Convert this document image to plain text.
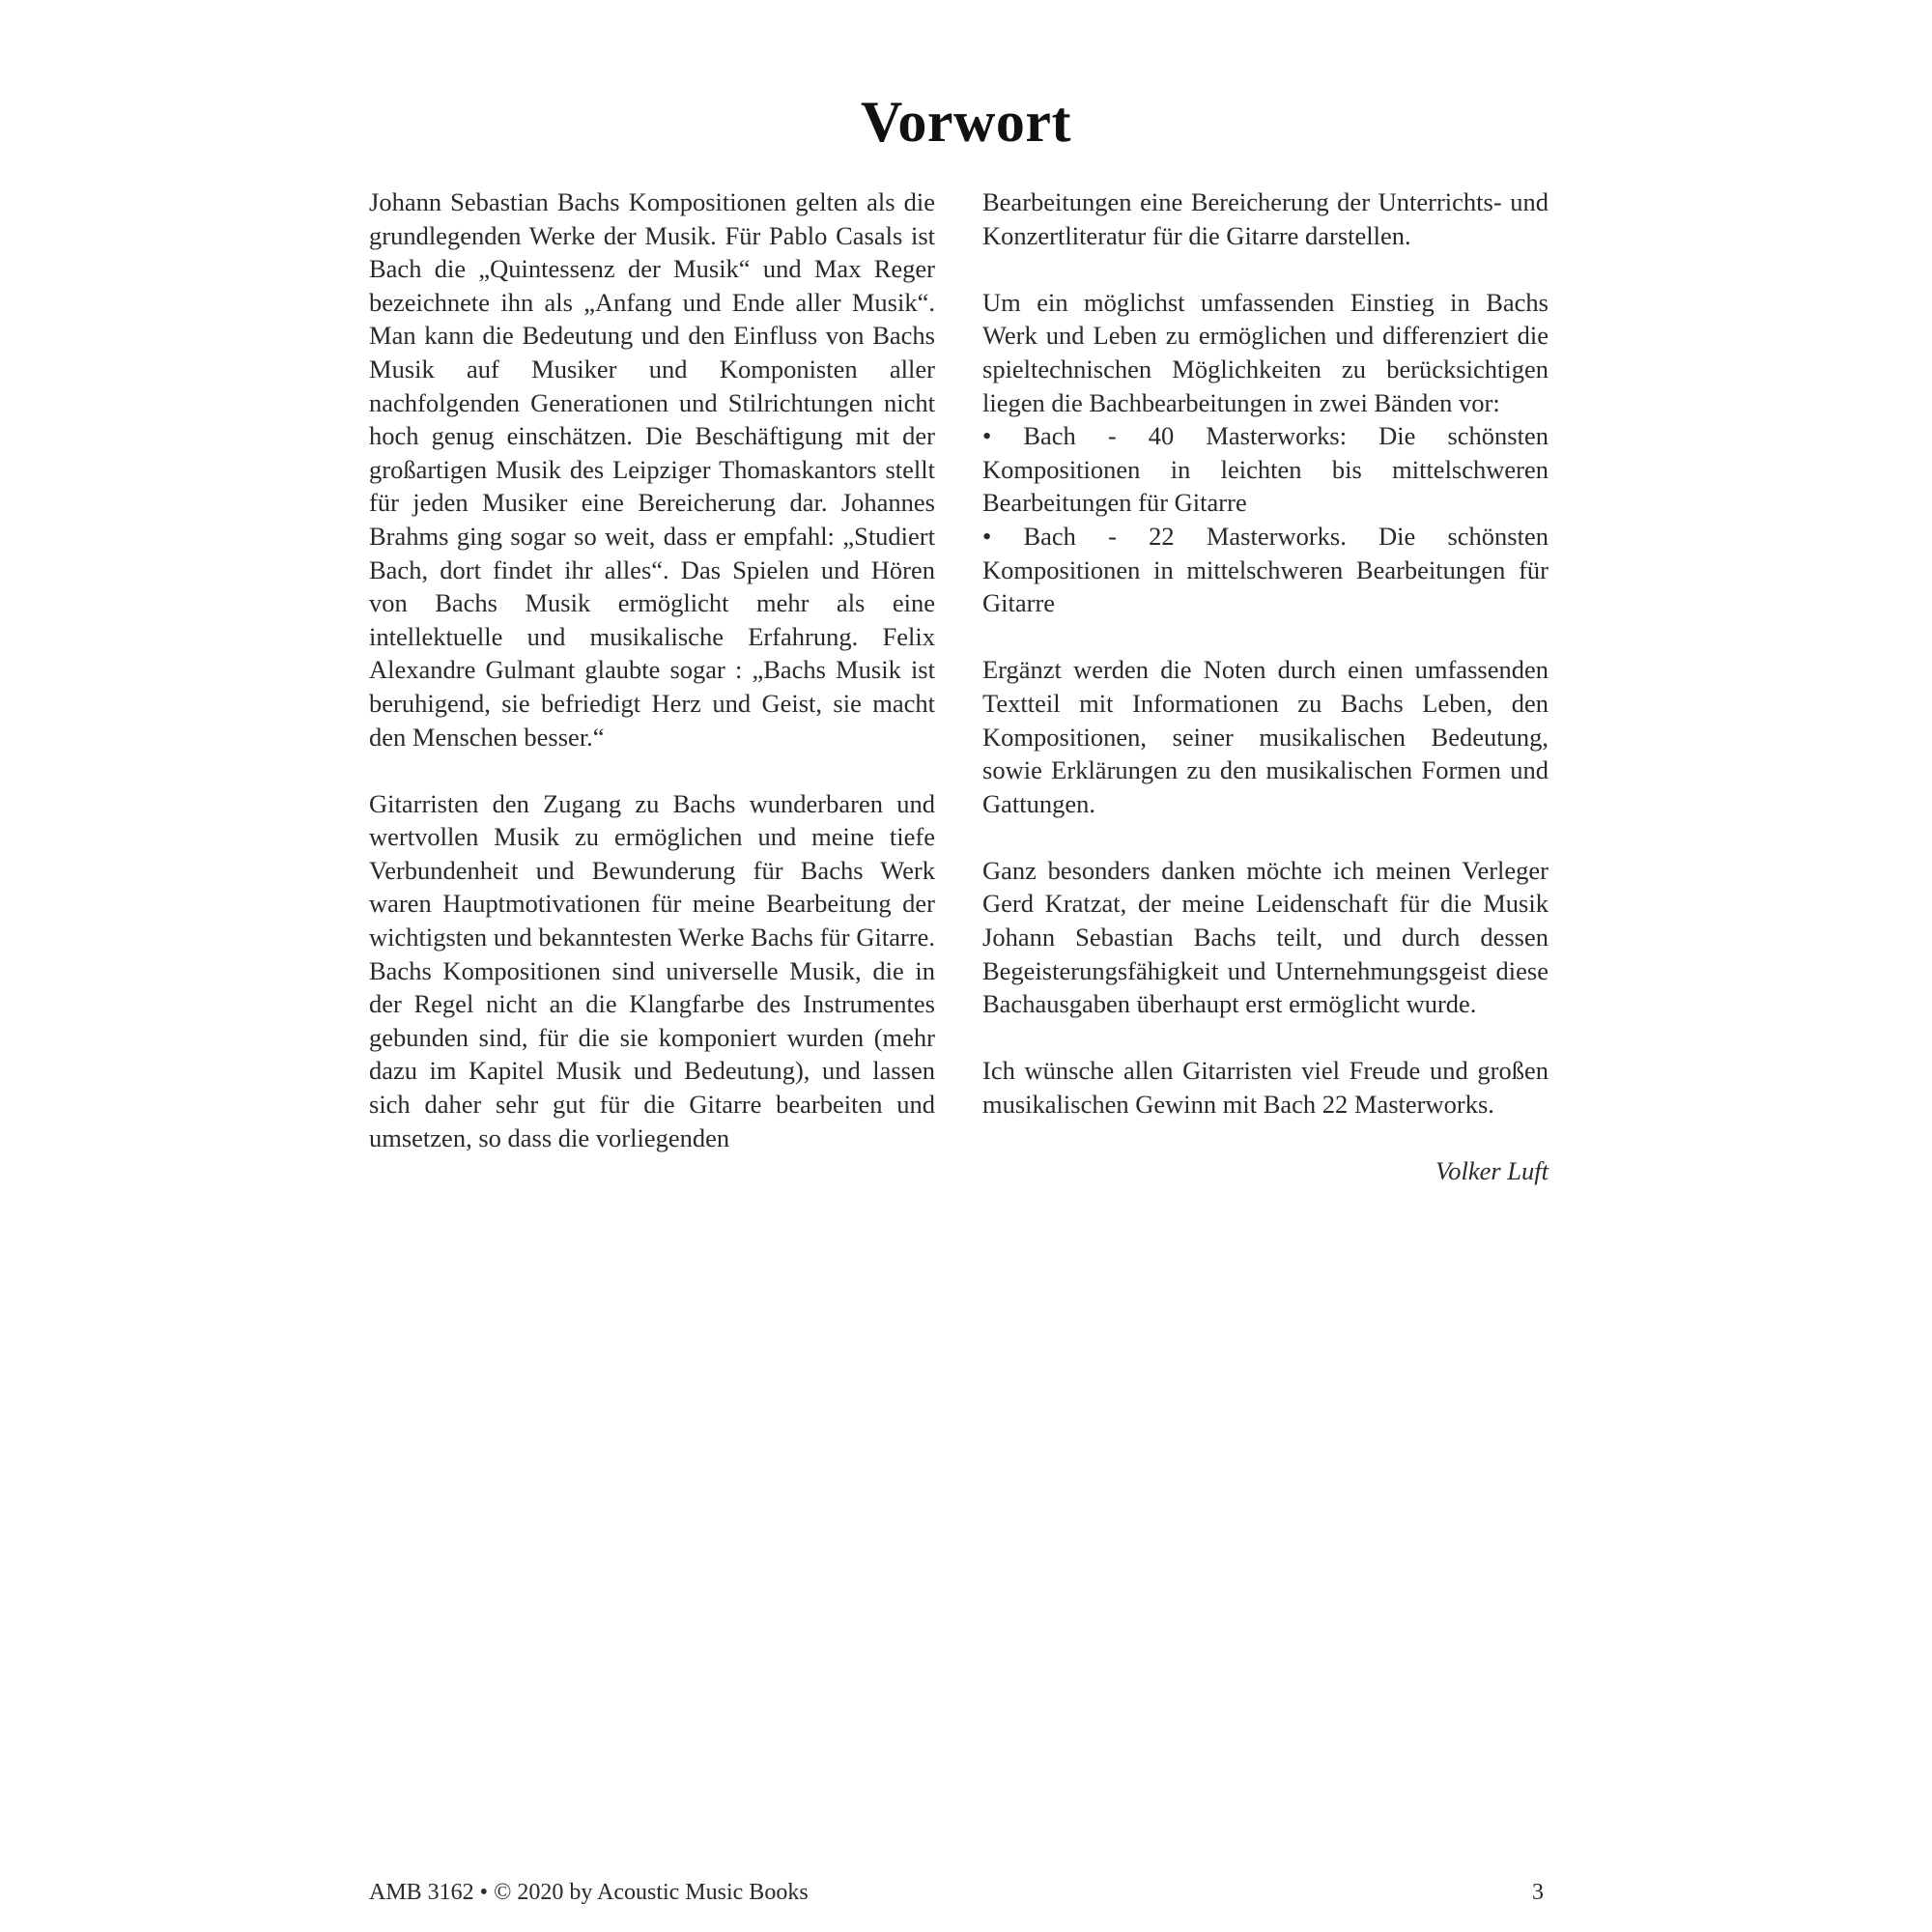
Vorwort

Johann Sebastian Bachs Kompositionen gelten als die grundlegenden Werke der Musik. Für Pablo Casals ist Bach die „Quintessenz der Musik“ und Max Reger bezeichnete ihn als „Anfang und Ende aller Musik“. Man kann die Bedeutung und den Einfluss von Bachs Musik auf Musiker und Komponisten aller nachfolgenden Generationen und Stilrichtungen nicht hoch genug einschätzen. Die Beschäftigung mit der großartigen Musik des Leipziger Thomaskantors stellt für jeden Musiker eine Bereicherung dar. Johannes Brahms ging sogar so weit, dass er empfahl: „Studiert Bach, dort findet ihr alles“. Das Spielen und Hören von Bachs Musik ermöglicht mehr als eine intellektuelle und musikalische Erfahrung. Felix Alexandre Gulmant glaubte sogar : „Bachs Musik ist beruhigend, sie befriedigt Herz und Geist, sie macht den Menschen besser.“

Gitarristen den Zugang zu Bachs wunderbaren und wertvollen Musik zu ermöglichen und meine tiefe Verbundenheit und Bewunderung für Bachs Werk waren Hauptmotivationen für meine Bearbeitung der wichtigsten und bekanntesten Werke Bachs für Gitarre. Bachs Kompositionen sind universelle Musik, die in der Regel nicht an die Klangfarbe des Instrumentes gebunden sind, für die sie komponiert wurden (mehr dazu im Kapitel Musik und Bedeutung), und lassen sich daher sehr gut für die Gitarre bearbeiten und umsetzen, so dass die vorliegenden

Bearbeitungen eine Bereicherung der Unterrichts- und Konzertliteratur für die Gitarre darstellen.

Um ein möglichst umfassenden Einstieg in Bachs Werk und Leben zu ermöglichen und differenziert die spieltechnischen Möglichkeiten zu berücksichtigen liegen die Bachbearbeitungen in zwei Bänden vor:

• Bach - 40 Masterworks: Die schönsten Kompositionen in leichten bis mittelschweren Bearbeitungen für Gitarre
• Bach - 22 Masterworks. Die schönsten Kompositionen in mittelschweren Bearbeitungen für Gitarre

Ergänzt werden die Noten durch einen umfassenden Textteil mit Informationen zu Bachs Leben, den Kompositionen, seiner musikalischen Bedeutung, sowie Erklärungen zu den musikalischen Formen und Gattungen.

Ganz besonders danken möchte ich meinen Verleger Gerd Kratzat, der meine Leidenschaft für die Musik Johann Sebastian Bachs teilt, und durch dessen Begeisterungsfähigkeit und Unternehmungsgeist diese Bachausgaben überhaupt erst ermöglicht wurde.

Ich wünsche allen Gitarristen viel Freude und großen musikalischen Gewinn mit Bach 22 Masterworks.

Volker Luft

AMB 3162 • © 2020 by Acoustic Music Books	3
